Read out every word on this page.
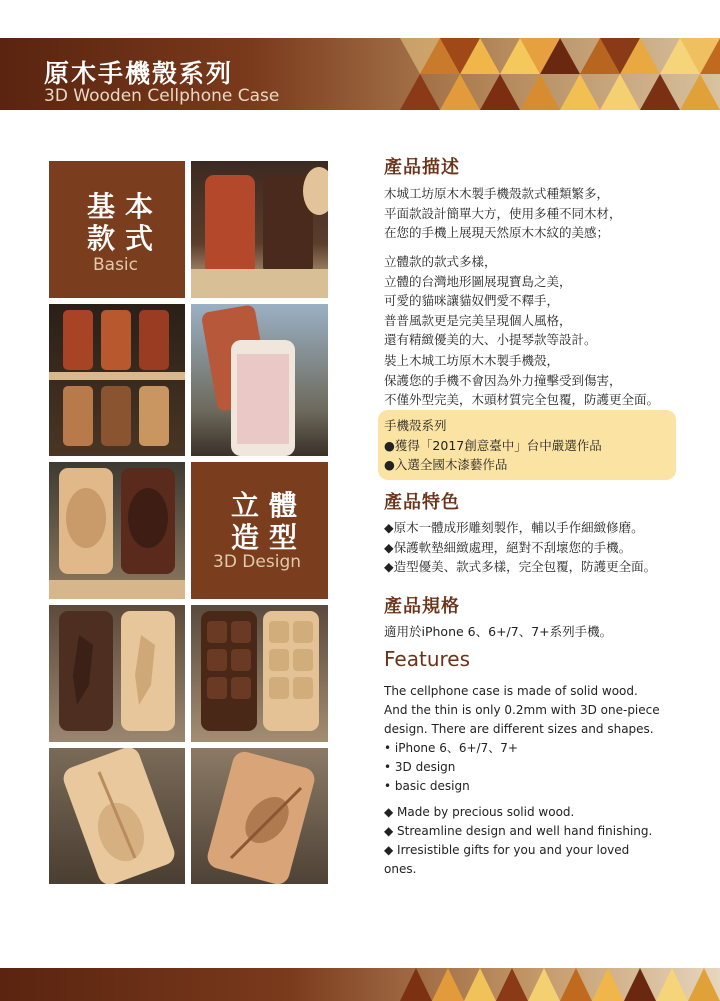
原木手機殼系列
3D Wooden Cellphone Case
基本
款式
Basic
立體
造型
3D Design
產品描述
木城工坊原木木製手機殼款式種類繁多，
平面款設計簡單大方，使用多種不同木材，
在您的手機上展現天然原木木紋的美感；
立體款的款式多樣，
立體的台灣地形圖展現寶島之美，
可愛的貓咪讓貓奴們愛不釋手，
普普風款更是完美呈現個人風格，
還有精緻優美的大、小提琴款等設計。
裝上木城工坊原木木製手機殼，
保護您的手機不會因為外力撞擊受到傷害，
不僅外型完美，木頭材質完全包覆，防護更全面。
手機殼系列
●獲得「2017創意臺中」台中嚴選作品
●入選全國木漆藝作品
產品特色
◆原木一體成形雕刻製作，輔以手作細緻修磨。
◆保護軟墊細緻處理，絕對不刮壞您的手機。
◆造型優美、款式多樣，完全包覆，防護更全面。
產品規格
適用於iPhone 6、6+/7、7+系列手機。
Features
The cellphone case is made of solid wood.
And the thin is only 0.2mm with 3D one-piece
design. There are different sizes and shapes.
• iPhone 6、6+/7、7+
• 3D design
• basic design
◆ Made by precious solid wood.
◆ Streamline design and well hand finishing.
◆ Irresistible gifts for you and your loved
ones.
